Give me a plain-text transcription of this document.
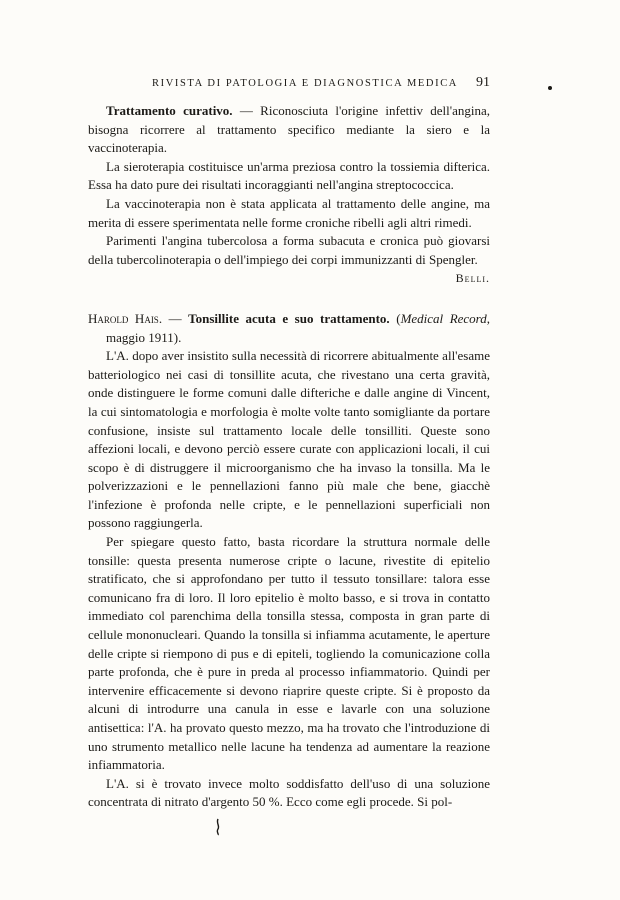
RIVISTA DI PATOLOGIA E DIAGNOSTICA MEDICA	91

Trattamento curativo. — Riconosciuta l'origine infettiv dell'angina, bisogna ricorrere al trattamento specifico mediante la siero e la vaccinoterapia.

La sieroterapia costituisce un'arma preziosa contro la tossiemia difterica. Essa ha dato pure dei risultati incoraggianti nell'angina streptococcica.

La vaccinoterapia non è stata applicata al trattamento delle angine, ma merita di essere sperimentata nelle forme croniche ribelli agli altri rimedi.

Parimenti l'angina tubercolosa a forma subacuta e cronica può giovarsi della tubercolinoterapia o dell'impiego dei corpi immunizzanti di Spengler.

Belli.

Harold Hais. — Tonsillite acuta e suo trattamento. (Medical Record, maggio 1911).

L'A. dopo aver insistito sulla necessità di ricorrere abitualmente all'esame batteriologico nei casi di tonsillite acuta, che rivestano una certa gravità, onde distinguere le forme comuni dalle difteriche e dalle angine di Vincent, la cui sintomatologia e morfologia è molte volte tanto somigliante da portare confusione, insiste sul trattamento locale delle tonsilliti. Queste sono affezioni locali, e devono perciò essere curate con applicazioni locali, il cui scopo è di distruggere il microorganismo che ha invaso la tonsilla. Ma le polverizzazioni e le pennellazioni fanno più male che bene, giacchè l'infezione è profonda nelle cripte, e le pennellazioni superficiali non possono raggiungerla.

Per spiegare questo fatto, basta ricordare la struttura normale delle tonsille: questa presenta numerose cripte o lacune, rivestite di epitelio stratificato, che si approfondano per tutto il tessuto tonsillare: talora esse comunicano fra di loro. Il loro epitelio è molto basso, e si trova in contatto immediato col parenchima della tonsilla stessa, composta in gran parte di cellule mononucleari. Quando la tonsilla si infiamma acutamente, le aperture delle cripte si riempono di pus e di epiteli, togliendo la comunicazione colla parte profonda, che è pure in preda al processo infiammatorio. Quindi per intervenire efficacemente si devono riaprire queste cripte. Si è proposto da alcuni di introdurre una canula in esse e lavarle con una soluzione antisettica: l'A. ha provato questo mezzo, ma ha trovato che l'introduzione di uno strumento metallico nelle lacune ha tendenza ad aumentare la reazione infiammatoria.

L'A. si è trovato invece molto soddisfatto dell'uso di una soluzione concentrata di nitrato d'argento 50 %. Ecco come egli procede. Si pol-
